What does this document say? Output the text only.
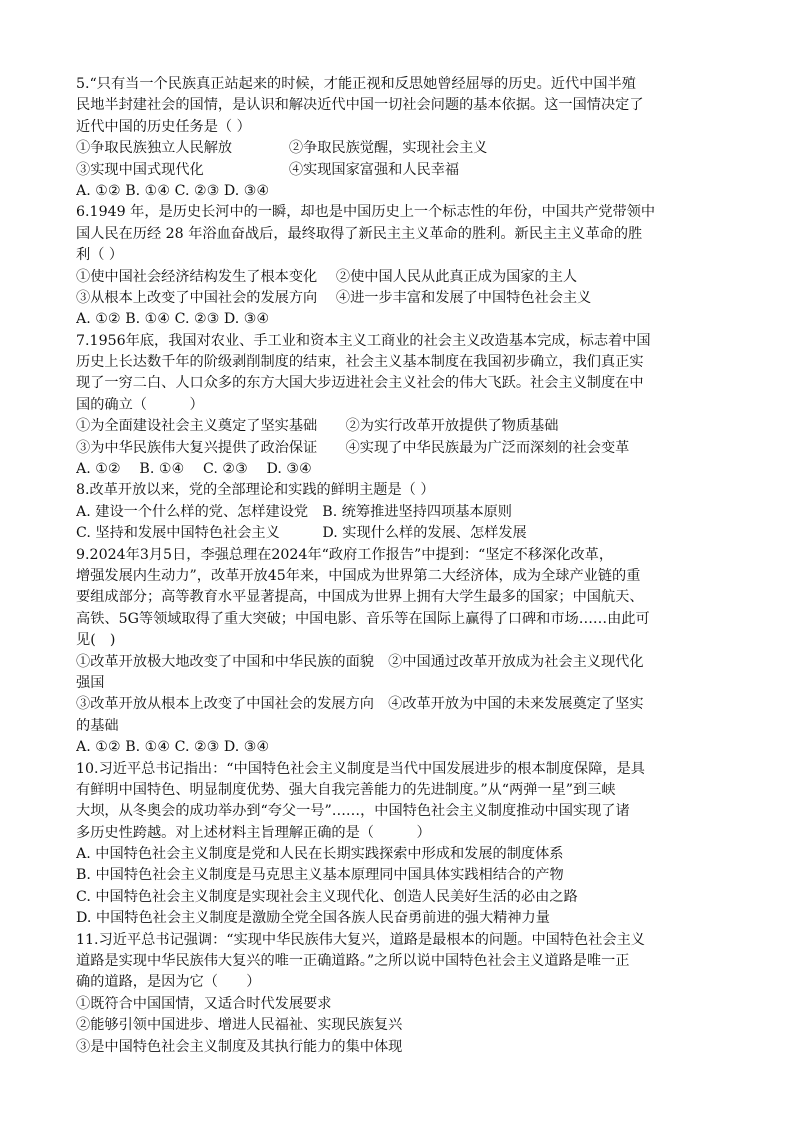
5.“只有当一个民族真正站起来的时候，才能正视和反思她曾经屈辱的历史。近代中国半殖
民地半封建社会的国情，是认识和解决近代中国一切社会问题的基本依据。这一国情决定了
近代中国的历史任务是（ ）
①争取民族独立人民解放　　　　②争取民族觉醒，实现社会主义
③实现中国式现代化　　　　　　④实现国家富强和人民幸福
A. ①② B. ①④ C. ②③ D. ③④
6.1949 年，是历史长河中的一瞬，却也是中国历史上一个标志性的年份，中国共产党带领中
国人民在历经 28 年浴血奋战后，最终取得了新民主主义革命的胜利。新民主主义革命的胜
利（ ）
①使中国社会经济结构发生了根本变化　 ②使中国人民从此真正成为国家的主人
③从根本上改变了中国社会的发展方向　 ④进一步丰富和发展了中国特色社会主义
A. ①② B. ①④ C. ②③ D. ③④
7.1956年底，我国对农业、手工业和资本主义工商业的社会主义改造基本完成，标志着中国
历史上长达数千年的阶级剥削制度的结束，社会主义基本制度在我国初步确立，我们真正实
现了一穷二白、人口众多的东方大国大步迈进社会主义社会的伟大飞跃。社会主义制度在中
国的确立（　　　）
①为全面建设社会主义奠定了坚实基础　　②为实行改革开放提供了物质基础
③为中华民族伟大复兴提供了政治保证　　④实现了中华民族最为广泛而深刻的社会变革
A. ①②　 B. ①④　 C. ②③　 D. ③④
8.改革开放以来，党的全部理论和实践的鲜明主题是（ ）
A. 建设一个什么样的党、怎样建设党　B. 统筹推进坚持四项基本原则
C. 坚持和发展中国特色社会主义　　　D. 实现什么样的发展、怎样发展
9.2024年3月5日，李强总理在2024年“政府工作报告”中提到：“坚定不移深化改革，
增强发展内生动力”，改革开放45年来，中国成为世界第二大经济体，成为全球产业链的重
要组成部分；高等教育水平显著提高，中国成为世界上拥有大学生最多的国家；中国航天、
高铁、5G等领域取得了重大突破；中国电影、音乐等在国际上赢得了口碑和市场……由此可
见(　)
①改革开放极大地改变了中国和中华民族的面貌　②中国通过改革开放成为社会主义现代化
强国
③改革开放从根本上改变了中国社会的发展方向　④改革开放为中国的未来发展奠定了坚实
的基础
A. ①② B. ①④ C. ②③ D. ③④
10.习近平总书记指出：“中国特色社会主义制度是当代中国发展进步的根本制度保障，是具
有鲜明中国特色、明显制度优势、强大自我完善能力的先进制度。”从“两弹一星”到三峡
大坝，从冬奥会的成功举办到“夸父一号”……，中国特色社会主义制度推动中国实现了诸
多历史性跨越。对上述材料主旨理解正确的是（　　　）
A. 中国特色社会主义制度是党和人民在长期实践探索中形成和发展的制度体系
B. 中国特色社会主义制度是马克思主义基本原理同中国具体实践相结合的产物
C. 中国特色社会主义制度是实现社会主义现代化、创造人民美好生活的必由之路
D. 中国特色社会主义制度是激励全党全国各族人民奋勇前进的强大精神力量
11.习近平总书记强调：“实现中华民族伟大复兴，道路是最根本的问题。中国特色社会主义
道路是实现中华民族伟大复兴的唯一正确道路。”之所以说中国特色社会主义道路是唯一正
确的道路，是因为它（　　）
①既符合中国国情，又适合时代发展要求
②能够引领中国进步、增进人民福祉、实现民族复兴
③是中国特色社会主义制度及其执行能力的集中体现
